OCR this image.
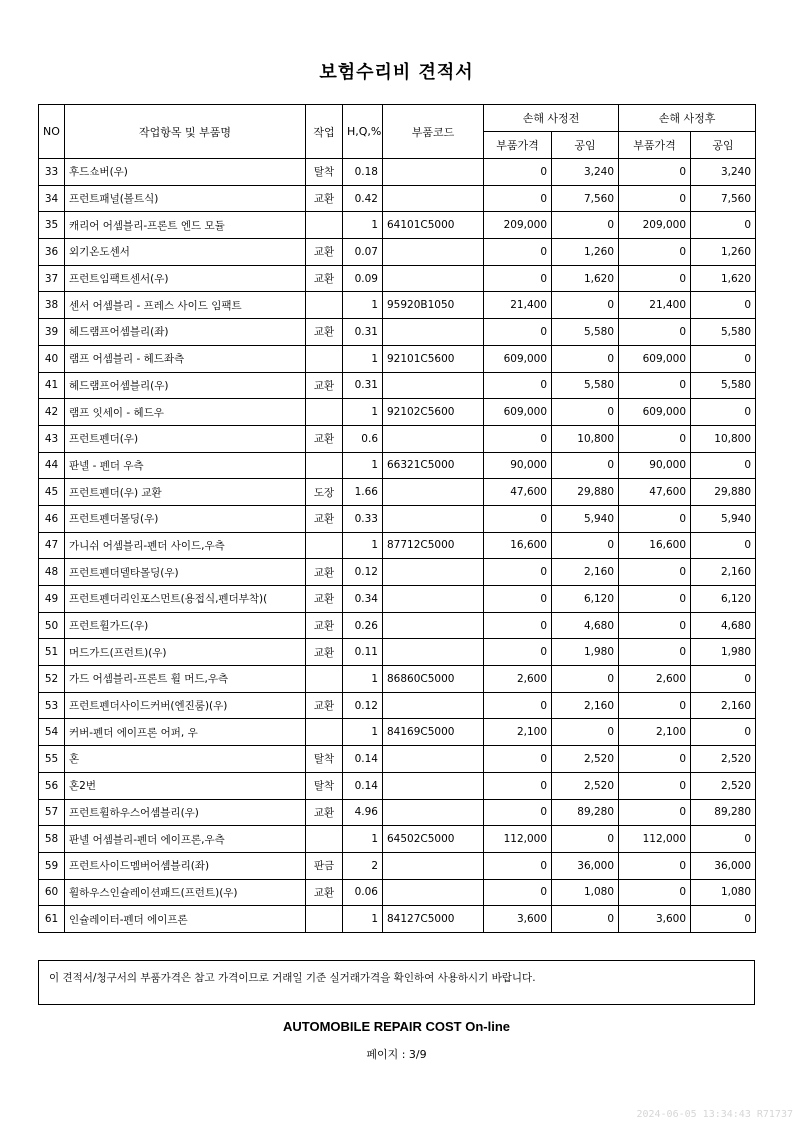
보험수리비 견적서
NO	작업항목 및 부품명	작업	H,Q,%	부품코드	손해 사정전		손해 사정후	
					부품가격	공임	부품가격	공임
33	후드쇼버(우)	탈착	0.18		0	3,240	0	3,240
34	프런트패널(볼트식)	교환	0.42		0	7,560	0	7,560
35	캐리어 어셈블리-프론트 엔드 모듈		1	64101C5000	209,000	0	209,000	0
36	외기온도센서	교환	0.07		0	1,260	0	1,260
37	프런트임팩트센서(우)	교환	0.09		0	1,620	0	1,620
38	센서 어셈블리 - 프레스 사이드 임팩트		1	95920B1050	21,400	0	21,400	0
39	헤드램프어셈블리(좌)	교환	0.31		0	5,580	0	5,580
40	램프 어셈블리 - 헤드좌측		1	92101C5600	609,000	0	609,000	0
41	헤드램프어셈블리(우)	교환	0.31		0	5,580	0	5,580
42	램프 잇세이 - 헤드우		1	92102C5600	609,000	0	609,000	0
43	프런트펜더(우)	교환	0.6		0	10,800	0	10,800
44	판넬 - 펜더 우측		1	66321C5000	90,000	0	90,000	0
45	프런트펜더(우) 교환	도장	1.66		47,600	29,880	47,600	29,880
46	프런트펜더몰딩(우)	교환	0.33		0	5,940	0	5,940
47	가니쉬 어셈블리-펜더 사이드,우측		1	87712C5000	16,600	0	16,600	0
48	프런트펜더델타몰딩(우)	교환	0.12		0	2,160	0	2,160
49	프런트펜더리인포스먼트(용접식,펜더부착)(	교환	0.34		0	6,120	0	6,120
50	프런트휠가드(우)	교환	0.26		0	4,680	0	4,680
51	머드가드(프런트)(우)	교환	0.11		0	1,980	0	1,980
52	가드 어셈블리-프론트 휠 머드,우측		1	86860C5000	2,600	0	2,600	0
53	프런트펜더사이드커버(엔진룸)(우)	교환	0.12		0	2,160	0	2,160
54	커버-펜더 에이프론 어퍼, 우		1	84169C5000	2,100	0	2,100	0
55	혼	탈착	0.14		0	2,520	0	2,520
56	혼2번	탈착	0.14		0	2,520	0	2,520
57	프런트휠하우스어셈블리(우)	교환	4.96		0	89,280	0	89,280
58	판넬 어셈블리-펜더 에이프론,우측		1	64502C5000	112,000	0	112,000	0
59	프런트사이드멤버어셈블리(좌)	판금	2		0	36,000	0	36,000
60	휠하우스인슐레이션패드(프런트)(우)	교환	0.06		0	1,080	0	1,080
61	인슐레이터-펜더 에이프론		1	84127C5000	3,600	0	3,600	0
이 견적서/청구서의 부품가격은 참고 가격이므로 거래일 기준 실거래가격을 확인하여 사용하시기 바랍니다.
AUTOMOBILE REPAIR COST On-line
페이지 : 3/9
2024-06-05 13:34:43 R71737
